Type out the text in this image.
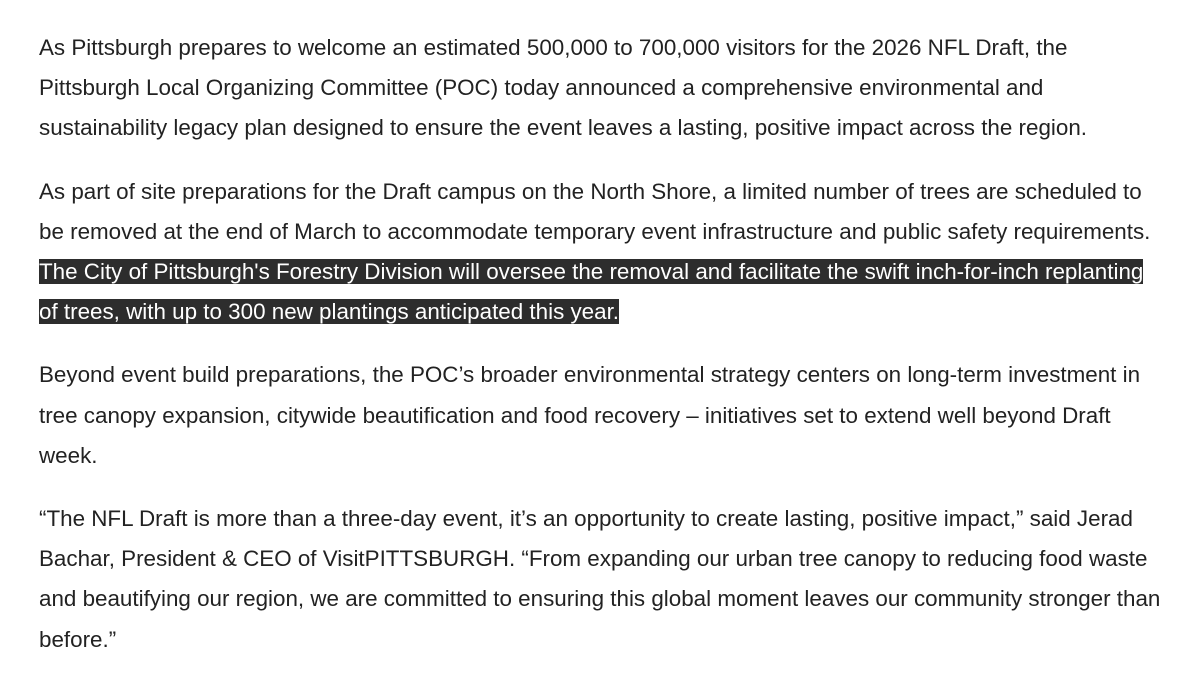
As Pittsburgh prepares to welcome an estimated 500,000 to 700,000 visitors for the 2026 NFL Draft, the Pittsburgh Local Organizing Committee (POC) today announced a comprehensive environmental and sustainability legacy plan designed to ensure the event leaves a lasting, positive impact across the region.

As part of site preparations for the Draft campus on the North Shore, a limited number of trees are scheduled to be removed at the end of March to accommodate temporary event infrastructure and public safety requirements. The City of Pittsburgh's Forestry Division will oversee the removal and facilitate the swift inch-for-inch replanting of trees, with up to 300 new plantings anticipated this year.

Beyond event build preparations, the POC’s broader environmental strategy centers on long-term investment in tree canopy expansion, citywide beautification and food recovery – initiatives set to extend well beyond Draft week.

“The NFL Draft is more than a three-day event, it’s an opportunity to create lasting, positive impact,” said Jerad Bachar, President & CEO of VisitPITTSBURGH. “From expanding our urban tree canopy to reducing food waste and beautifying our region, we are committed to ensuring this global moment leaves our community stronger than before.”
